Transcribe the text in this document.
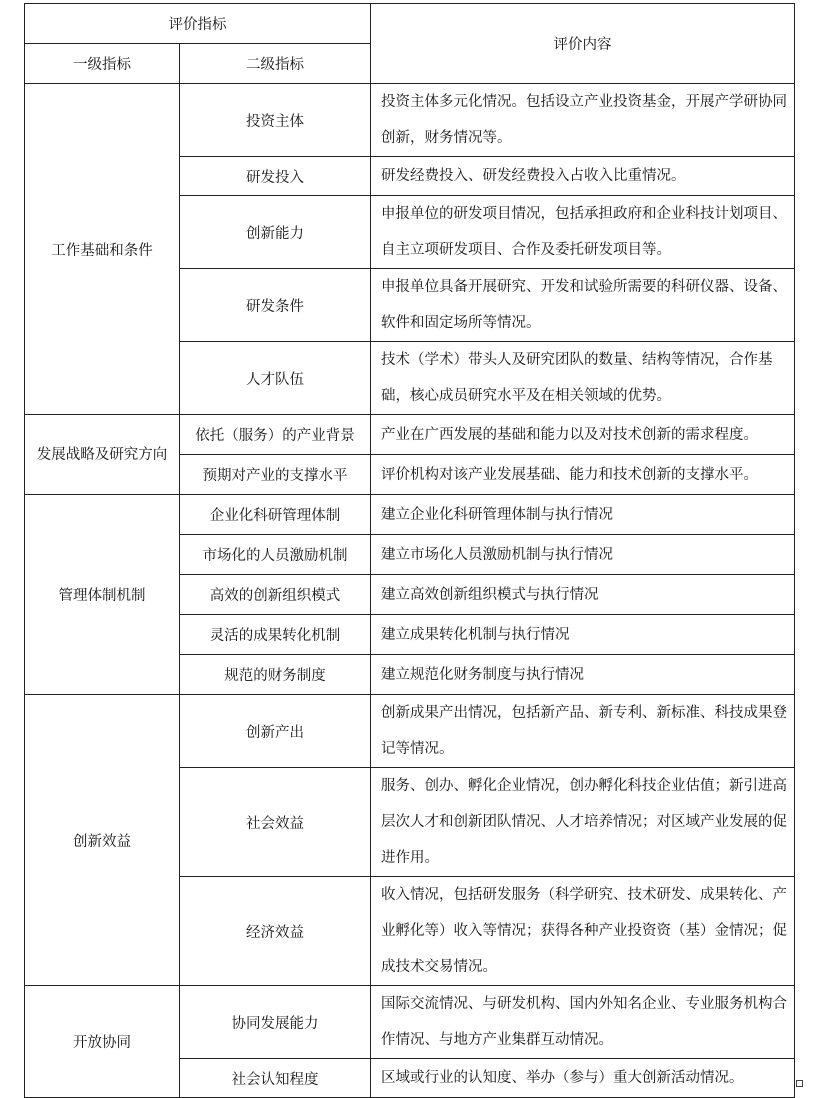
评价指标		评价内容
一级指标	二级指标	
工作基础和条件	投资主体	投资主体多元化情况。包括设立产业投资基金，开展产学研协同创新，财务情况等。
	研发投入	研发经费投入、研发经费投入占收入比重情况。
	创新能力	申报单位的研发项目情况，包括承担政府和企业科技计划项目、自主立项研发项目、合作及委托研发项目等。
	研发条件	申报单位具备开展研究、开发和试验所需要的科研仪器、设备、软件和固定场所等情况。
	人才队伍	技术（学术）带头人及研究团队的数量、结构等情况，合作基础，核心成员研究水平及在相关领域的优势。
发展战略及研究方向	依托（服务）的产业背景	产业在广西发展的基础和能力以及对技术创新的需求程度。
	预期对产业的支撑水平	评价机构对该产业发展基础、能力和技术创新的支撑水平。
管理体制机制	企业化科研管理体制	建立企业化科研管理体制与执行情况
	市场化的人员激励机制	建立市场化人员激励机制与执行情况
	高效的创新组织模式	建立高效创新组织模式与执行情况
	灵活的成果转化机制	建立成果转化机制与执行情况
	规范的财务制度	建立规范化财务制度与执行情况
创新效益	创新产出	创新成果产出情况，包括新产品、新专利、新标准、科技成果登记等情况。
	社会效益	服务、创办、孵化企业情况，创办孵化科技企业估值；新引进高层次人才和创新团队情况、人才培养情况；对区域产业发展的促进作用。
	经济效益	收入情况，包括研发服务（科学研究、技术研发、成果转化、产业孵化等）收入等情况；获得各种产业投资资（基）金情况；促成技术交易情况。
开放协同	协同发展能力	国际交流情况、与研发机构、国内外知名企业、专业服务机构合作情况、与地方产业集群互动情况。
	社会认知程度	区域或行业的认知度、举办（参与）重大创新活动情况。
